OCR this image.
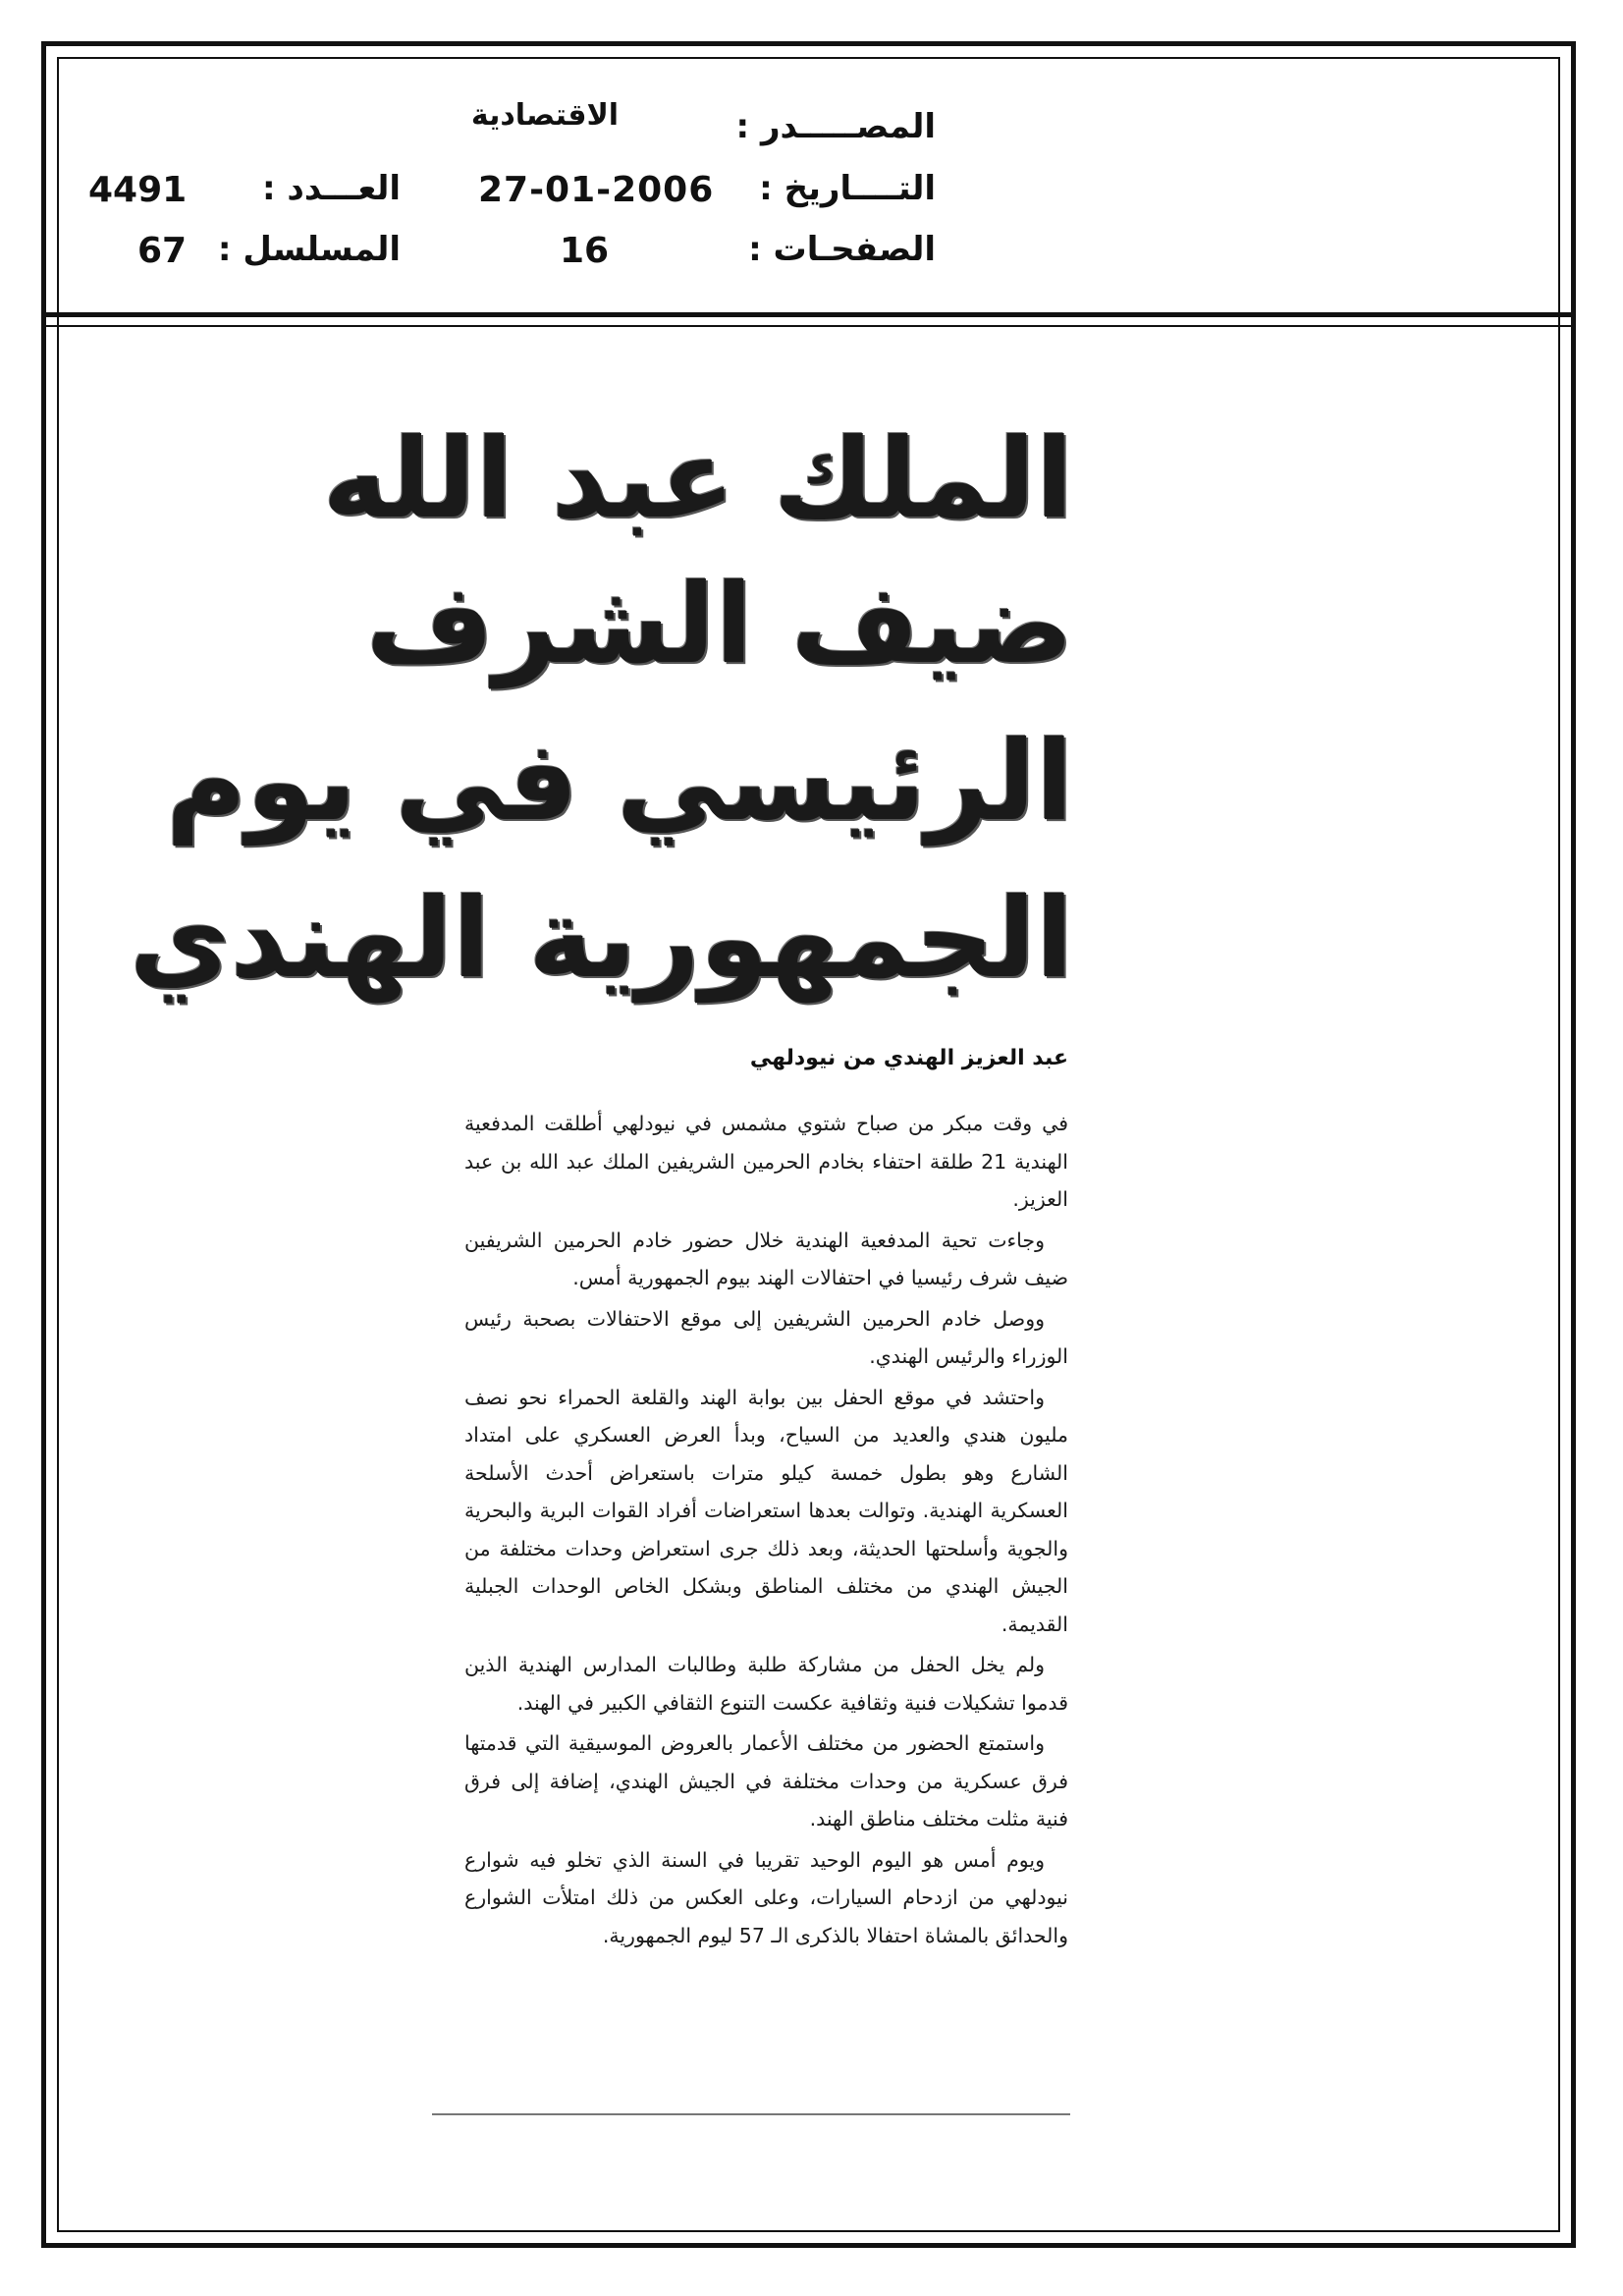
المصـــــدر :
الاقتصادية
التــــاريخ :
27-01-2006
الصفحـات :
16
العـــدد :
4491
المسلسل :
67
الملك عبد الله
ضيف الشرف
الرئيسي في يوم
الجمهورية الهندي
عبد العزيز الهندي من نيودلهي

في وقت مبكر من صباح شتوي مشمس في نيودلهي أطلقت المدفعية الهندية 21 طلقة احتفاء بخادم الحرمين الشريفين الملك عبد الله بن عبد العزيز.

وجاءت تحية المدفعية الهندية خلال حضور خادم الحرمين الشريفين ضيف شرف رئيسيا في احتفالات الهند بيوم الجمهورية أمس.

ووصل خادم الحرمين الشريفين إلى موقع الاحتفالات بصحبة رئيس الوزراء والرئيس الهندي.

واحتشد في موقع الحفل بين بوابة الهند والقلعة الحمراء نحو نصف مليون هندي والعديد من السياح، وبدأ العرض العسكري على امتداد الشارع وهو بطول خمسة كيلو مترات باستعراض أحدث الأسلحة العسكرية الهندية. وتوالت بعدها استعراضات أفراد القوات البرية والبحرية والجوية وأسلحتها الحديثة، وبعد ذلك جرى استعراض وحدات مختلفة من الجيش الهندي من مختلف المناطق وبشكل الخاص الوحدات الجبلية القديمة.

ولم يخل الحفل من مشاركة طلبة وطالبات المدارس الهندية الذين قدموا تشكيلات فنية وثقافية عكست التنوع الثقافي الكبير في الهند.

واستمتع الحضور من مختلف الأعمار بالعروض الموسيقية التي قدمتها فرق عسكرية من وحدات مختلفة في الجيش الهندي، إضافة إلى فرق فنية مثلت مختلف مناطق الهند.

ويوم أمس هو اليوم الوحيد تقريبا في السنة الذي تخلو فيه شوارع نيودلهي من ازدحام السيارات، وعلى العكس من ذلك امتلأت الشوارع والحدائق بالمشاة احتفالا بالذكرى الـ 57 ليوم الجمهورية.
